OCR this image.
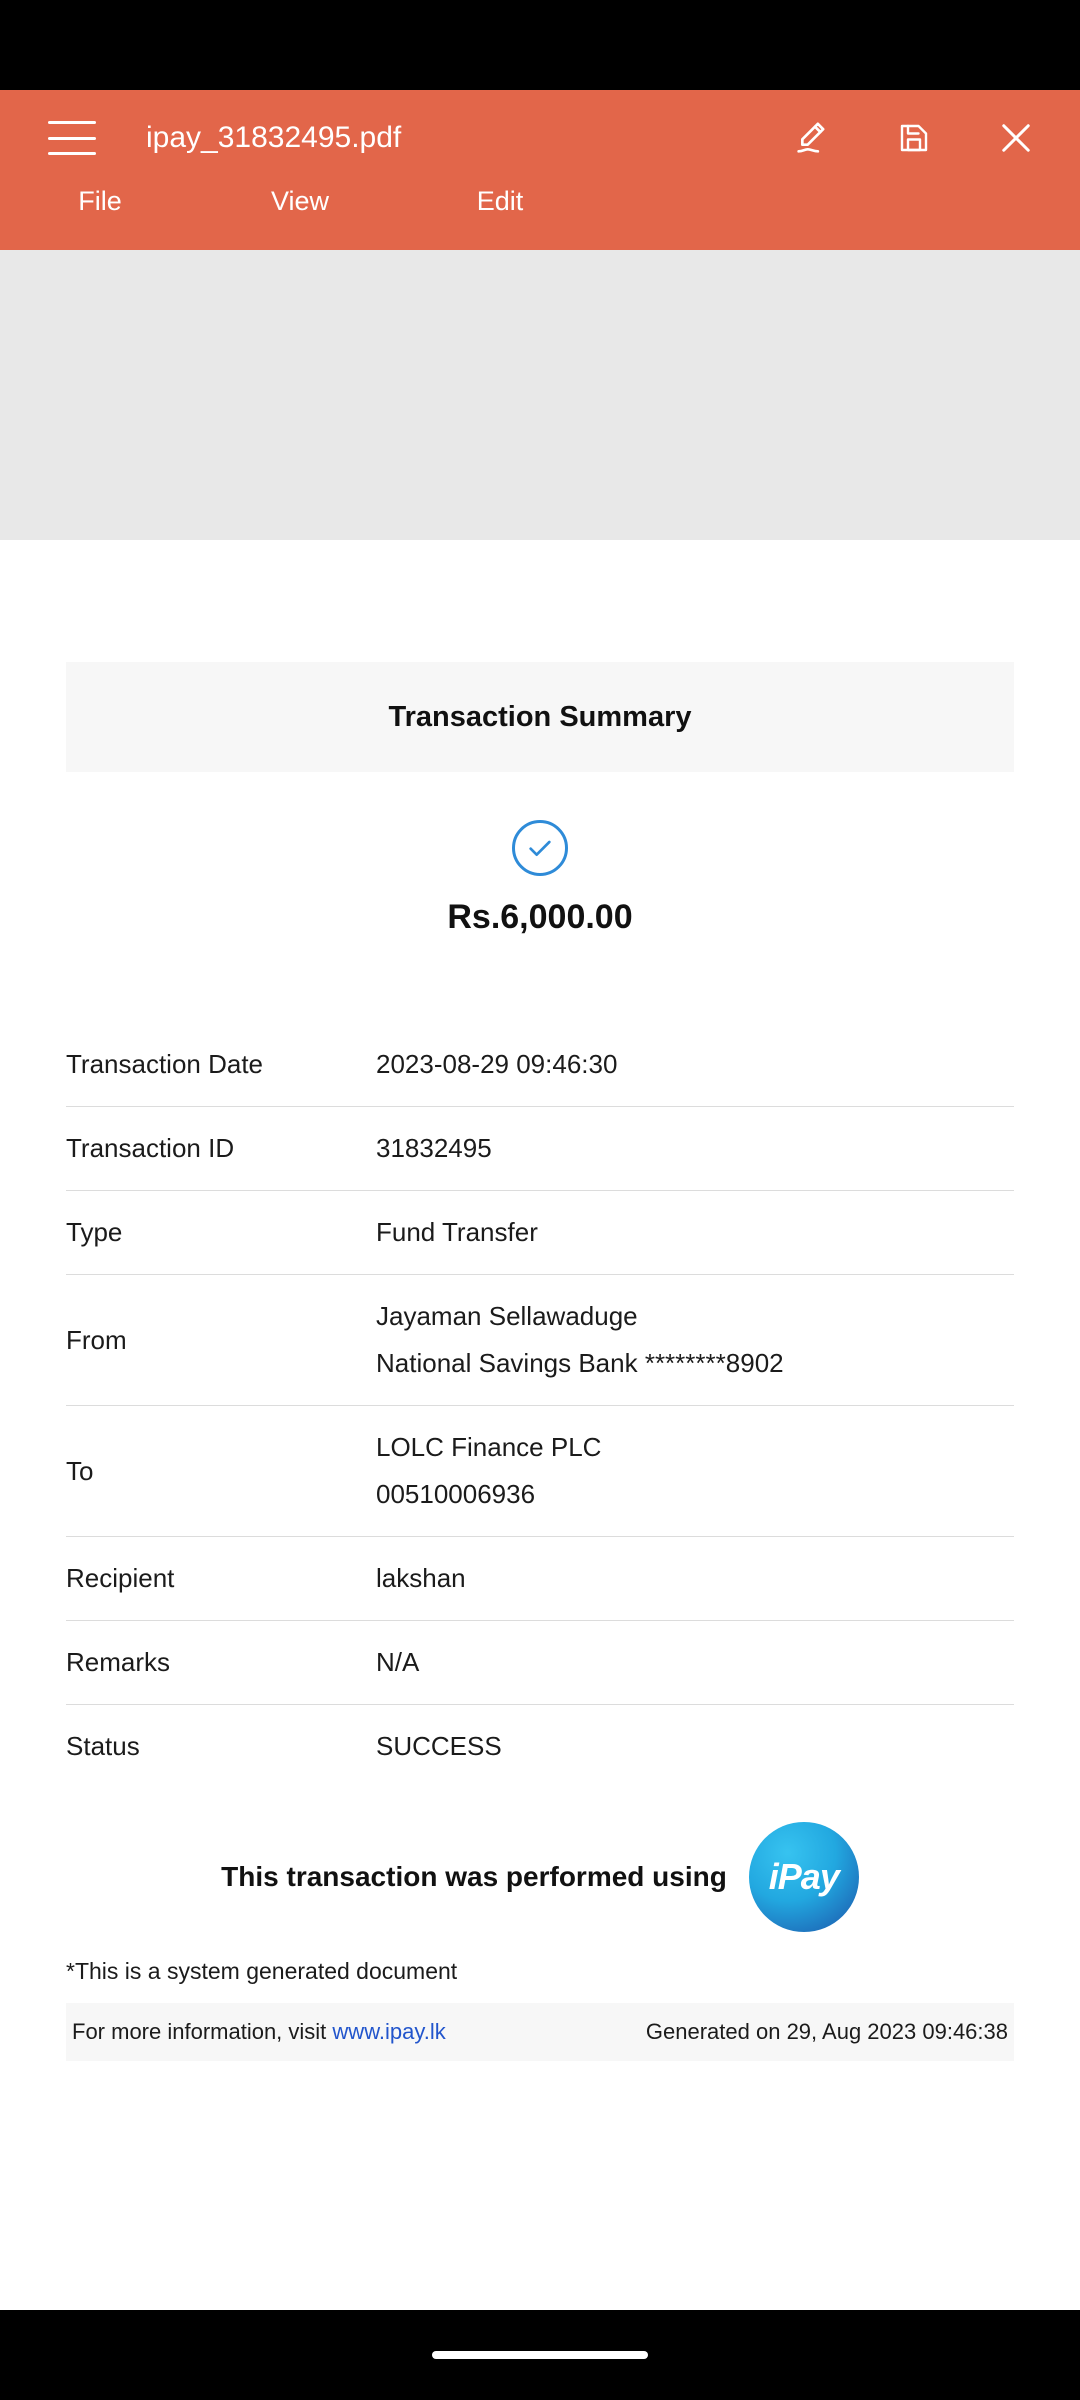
ipay_31832495.pdf
File	View	Edit
Transaction Summary
Rs.6,000.00
Transaction Date	2023-08-29 09:46:30
Transaction ID	31832495
Type	Fund Transfer
From	Jayaman Sellawaduge
National Savings Bank ********8902

To	LOLC Finance PLC
00510006936

Recipient	lakshan
Remarks	N/A
Status	SUCCESS
This transaction was performed using	iPay
*This is a system generated document
For more information, visit www.ipay.lk	Generated on 29, Aug 2023 09:46:38
